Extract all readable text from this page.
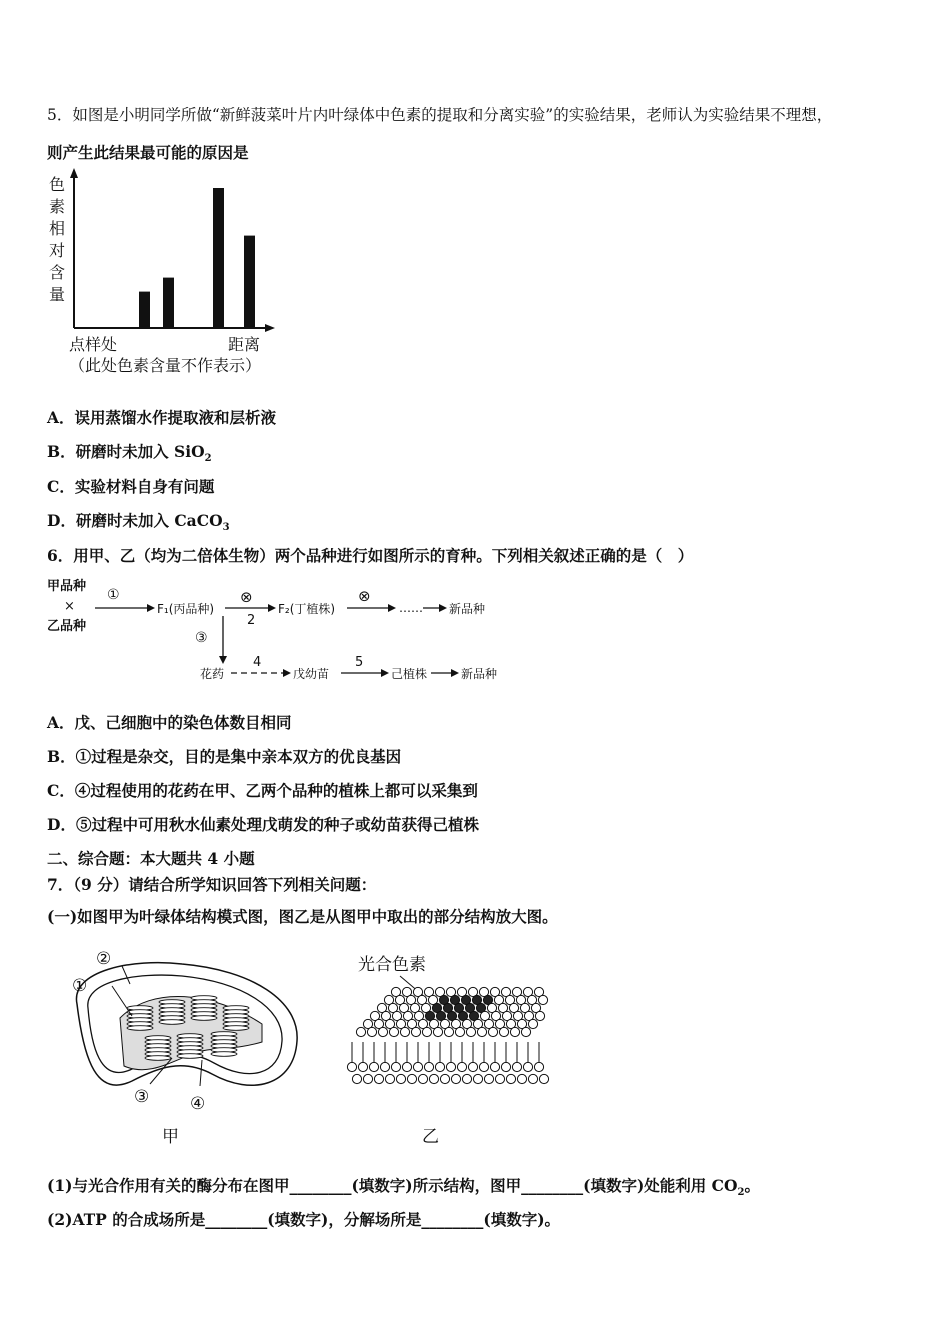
5．如图是小明同学所做“新鲜菠菜叶片内叶绿体中色素的提取和分离实验”的实验结果，老师认为实验结果不理想，
则产生此结果最可能的原因是
色
素
相
对
含
量
点样处	距离
（此处色素含量不作表示）
A．误用蒸馏水作提取液和层析液
B．研磨时未加入 SiO$_2$
C．实验材料自身有问题
D．研磨时未加入 CaCO$_3$
6．用甲、乙（均为二倍体生物）两个品种进行如图所示的育种。下列相关叙述正确的是（　）
甲品种
×
乙品种
①
F₁(丙品种)
⊗
2
F₂(丁植株)
⊗
…… 新品种
③
花药
4
戊幼苗
5
己植株	新品种
A．戊、己细胞中的染色体数目相同
B．①过程是杂交，目的是集中亲本双方的优良基因
C．④过程使用的花药在甲、乙两个品种的植株上都可以采集到
D．⑤过程中可用秋水仙素处理戊萌发的种子或幼苗获得己植株
二、综合题：本大题共 4 小题
7．（9 分）请结合所学知识回答下列相关问题：
(一)如图甲为叶绿体结构模式图，图乙是从图甲中取出的部分结构放大图。
①
②
③ ④
甲
光合色素
乙
(1)与光合作用有关的酶分布在图甲________(填数字)所示结构，图甲________(填数字)处能利用 $CO_2$。
(2)ATP 的合成场所是________(填数字)，分解场所是________(填数字)。
